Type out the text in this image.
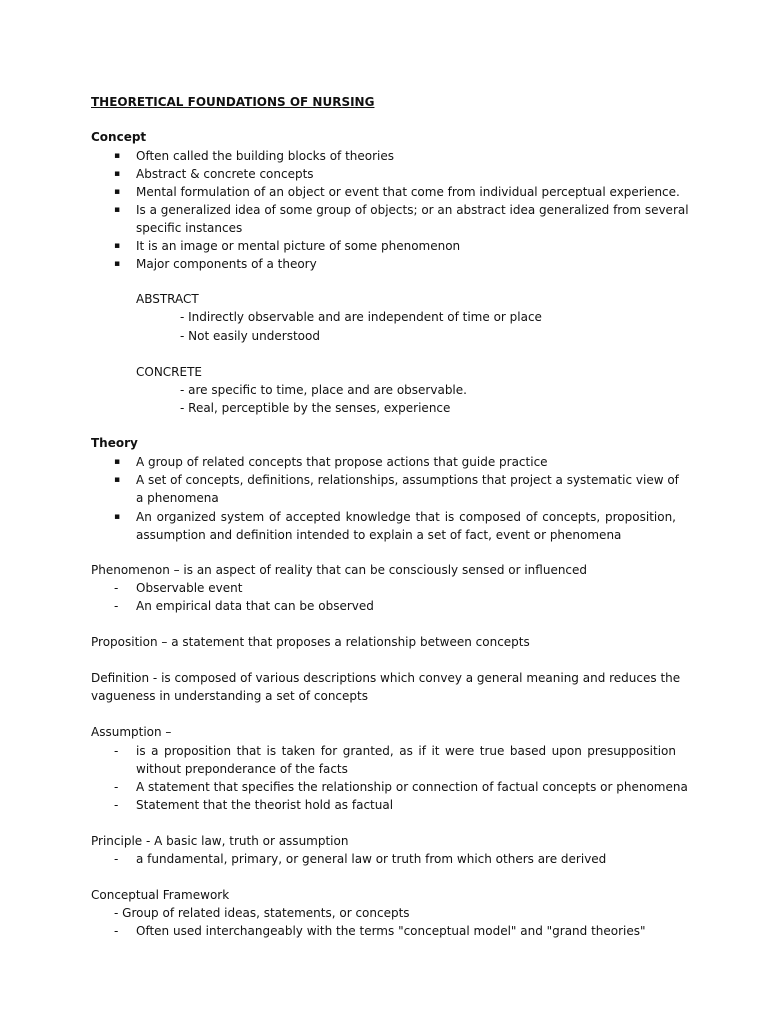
THEORETICAL FOUNDATIONS OF NURSING
Concept
▪ Often called the building blocks of theories
▪ Abstract & concrete concepts
▪ Mental formulation of an object or event that come from individual perceptual experience.
▪ Is a generalized idea of some group of objects; or an abstract idea generalized from several
specific instances
▪ It is an image or mental picture of some phenomenon
▪ Major components of a theory
ABSTRACT
- Indirectly observable and are independent of time or place
- Not easily understood
CONCRETE
- are specific to time, place and are observable.
- Real, perceptible by the senses, experience
Theory
▪ A group of related concepts that propose actions that guide practice
▪ A set of concepts, definitions, relationships, assumptions that project a systematic view of
a phenomena
▪ An organized system of accepted knowledge that is composed of concepts, proposition,
assumption and definition intended to explain a set of fact, event or phenomena
Phenomenon – is an aspect of reality that can be consciously sensed or influenced
- Observable event
- An empirical data that can be observed
Proposition – a statement that proposes a relationship between concepts
Definition - is composed of various descriptions which convey a general meaning and reduces the
vagueness in understanding a set of concepts
Assumption –
- is a proposition that is taken for granted, as if it were true based upon presupposition
without preponderance of the facts
- A statement that specifies the relationship or connection of factual concepts or phenomena
- Statement that the theorist hold as factual
Principle - A basic law, truth or assumption
- a fundamental, primary, or general law or truth from which others are derived
Conceptual Framework
- Group of related ideas, statements, or concepts
- Often used interchangeably with the terms "conceptual model" and "grand theories"
